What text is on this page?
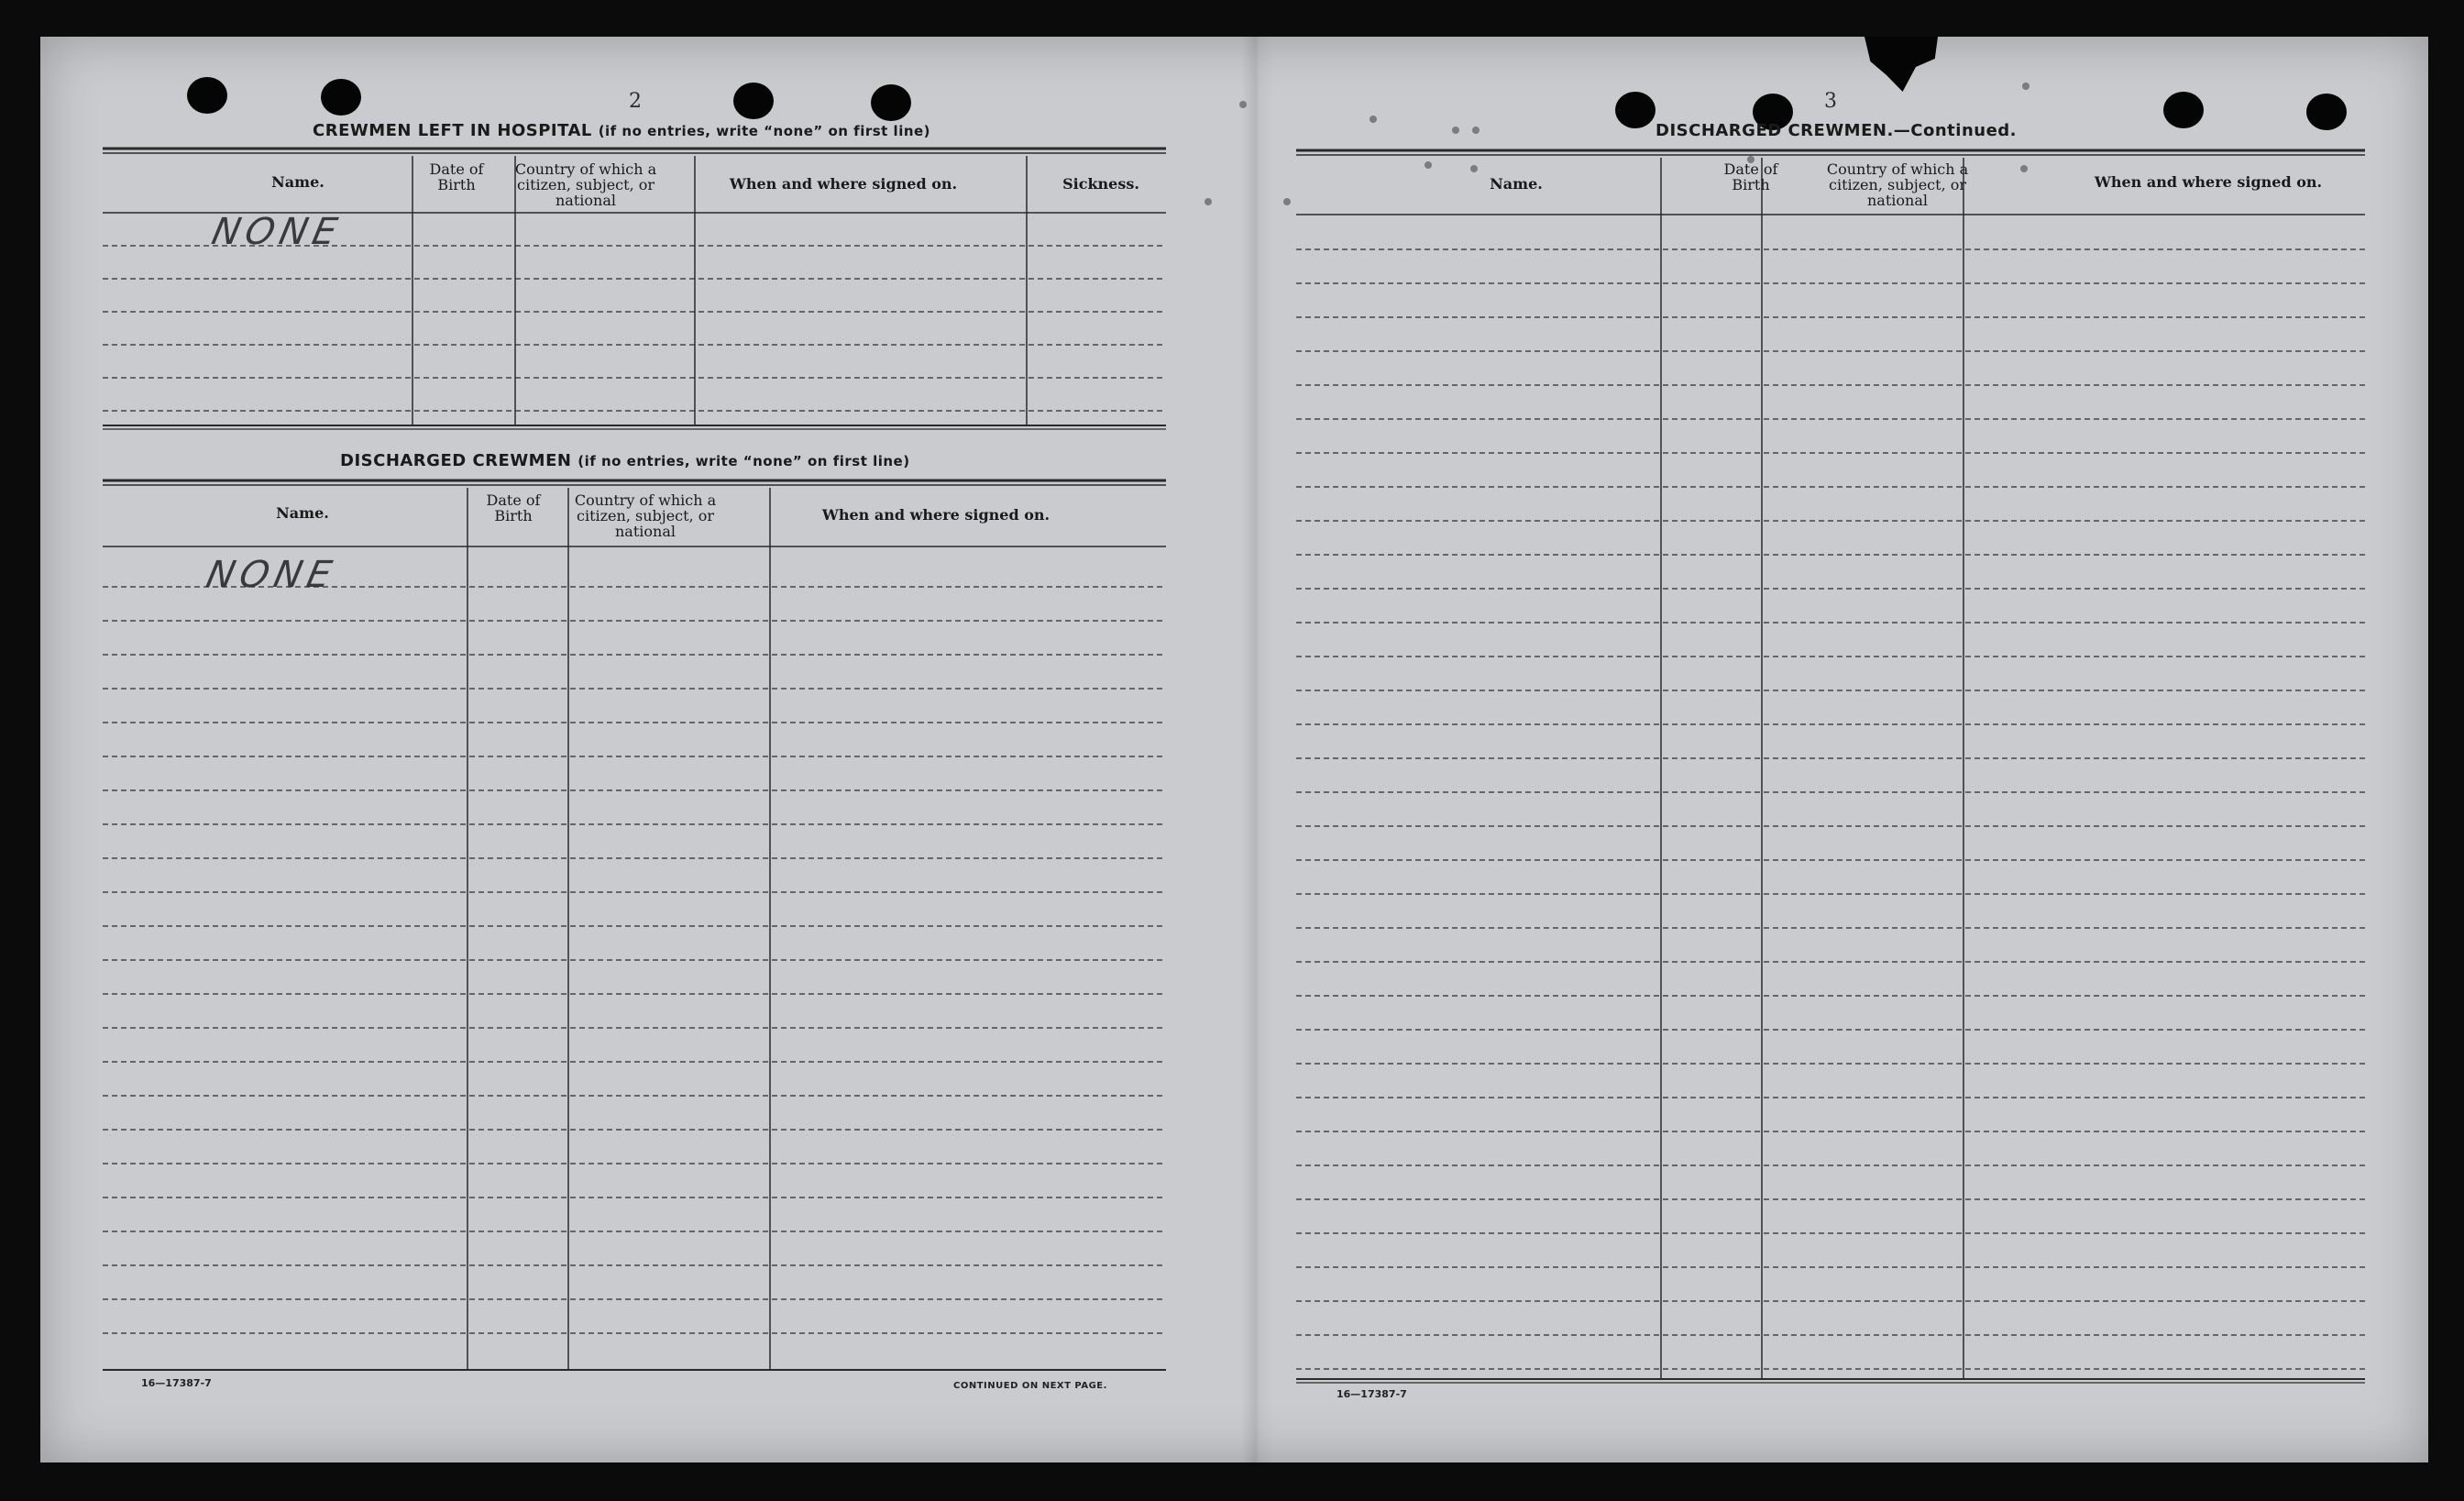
2
CREWMEN LEFT IN HOSPITAL (if no entries, write “none” on first line)
Name.
Date of Birth
Country of which a citizen, subject, or national
When and where signed on.	Sickness.
NONE
DISCHARGED CREWMEN (if no entries, write “none” on first line)
Name.
Date of Birth
Country of which a citizen, subject, or national
When and where signed on.
NONE
16—17387-7	CONTINUED ON NEXT PAGE.
3
DISCHARGED CREWMEN.—Continued.
Name.
Date of Birth
Country of which a citizen, subject, or national
When and where signed on.
16—17387-7
